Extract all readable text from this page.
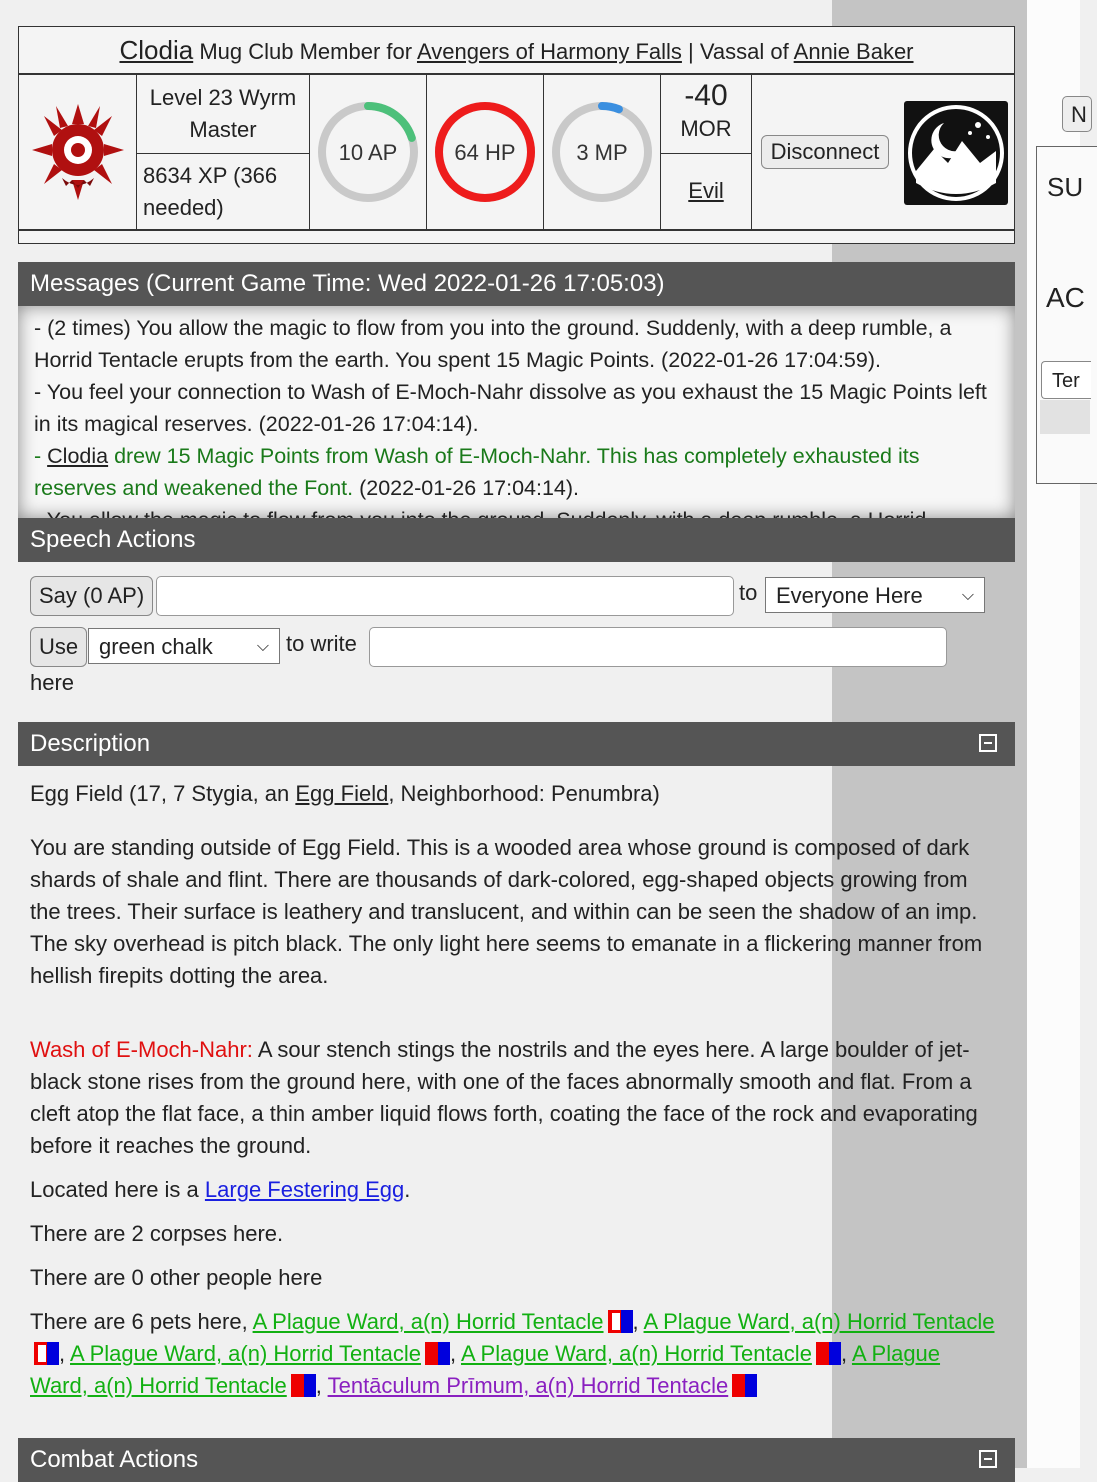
N
SU
AC
Ter
Clodia Mug Club Member for Avengers of Harmony Falls | Vassal of Annie Baker
Level 23 Wyrm Master
8634 XP (366 needed)
10 AP	64 HP	3 MP
-40
MOR
Evil
Disconnect
Messages (Current Game Time: Wed 2022-01-26 17:05:03)

- (2 times) You allow the magic to flow from you into the ground. Suddenly, with a deep rumble, a Horrid Tentacle erupts from the earth. You spent 15 Magic Points. (2022-01-26 17:04:59).

- You feel your connection to Wash of E-Moch-Nahr dissolve as you exhaust the 15 Magic Points left in its magical reserves. (2022-01-26 17:04:14).

- Clodia drew 15 Magic Points from Wash of E-Moch-Nahr. This has completely exhausted its reserves and weakened the Font. (2022-01-26 17:04:14).

Speech Actions
Say (0 AP)	to Everyone Here ⌵
Use green chalk	⌵ to write
here
Description

Egg Field (17, 7 Stygia, an Egg Field, Neighborhood: Penumbra)

You are standing outside of Egg Field. This is a wooded area whose ground is composed of dark shards of shale and flint. There are thousands of dark-colored, egg-shaped objects growing from the trees. Their surface is leathery and translucent, and within can be seen the shadow of an imp. The sky overhead is pitch black. The only light here seems to emanate in a flickering manner from hellish firepits dotting the area.

Wash of E-Moch-Nahr: A sour stench stings the nostrils and the eyes here. A large boulder of jet-black stone rises from the ground here, with one of the faces abnormally smooth and flat. From a cleft atop the flat face, a thin amber liquid flows forth, coating the face of the rock and evaporating before it reaches the ground.

Located here is a Large Festering Egg.

There are 2 corpses here.

There are 0 other people here

There are 6 pets here, A Plague Ward, a(n) Horrid Tentacle , A Plague Ward, a(n) Horrid Tentacle
, A Plague Ward, a(n) Horrid Tentacle , A Plague Ward, a(n) Horrid Tentacle , A Plague Ward, a(n) Horrid Tentacle , Tentāculum Prīmum, a(n) Horrid Tentacle

Combat Actions
